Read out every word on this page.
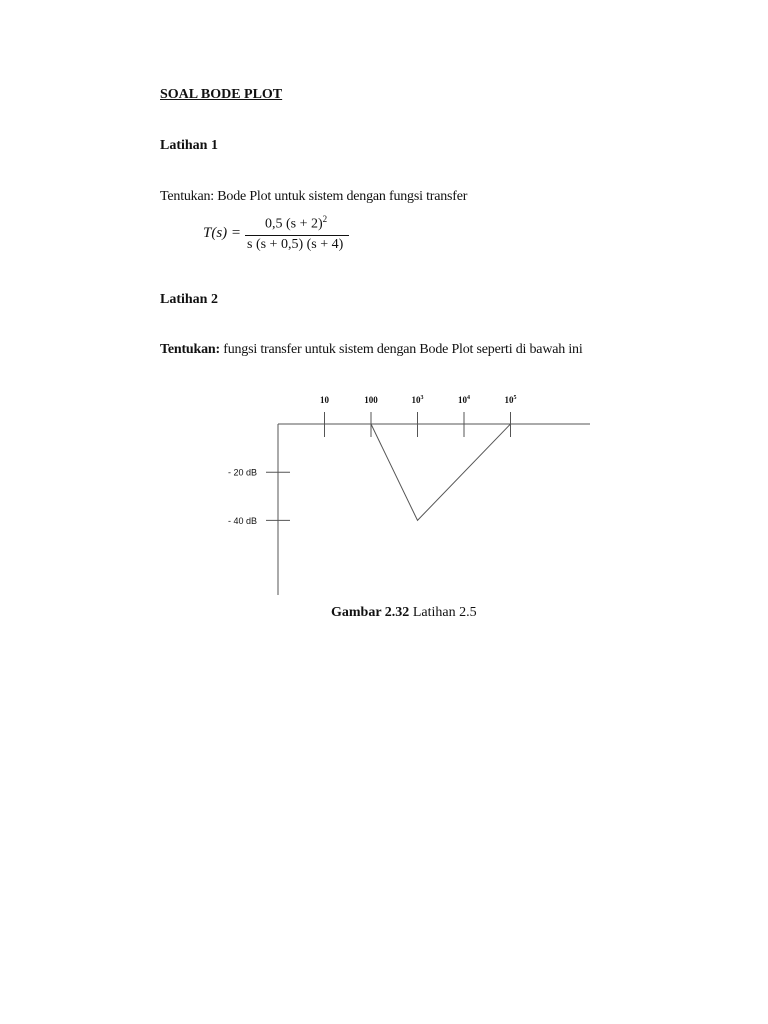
SOAL BODE PLOT
Latihan 1
Tentukan: Bode Plot untuk sistem dengan fungsi transfer
T(s) =
0,5 $(s + 2)^2$
s (s + 0,5) (s + 4)
Latihan 2
Tentukan: fungsi transfer untuk sistem dengan Bode Plot seperti di bawah ini
10	100	$10^3$	$10^4$	$10^5$
- 20 dB
- 40 dB
Gambar 2.32 Latihan 2.5
